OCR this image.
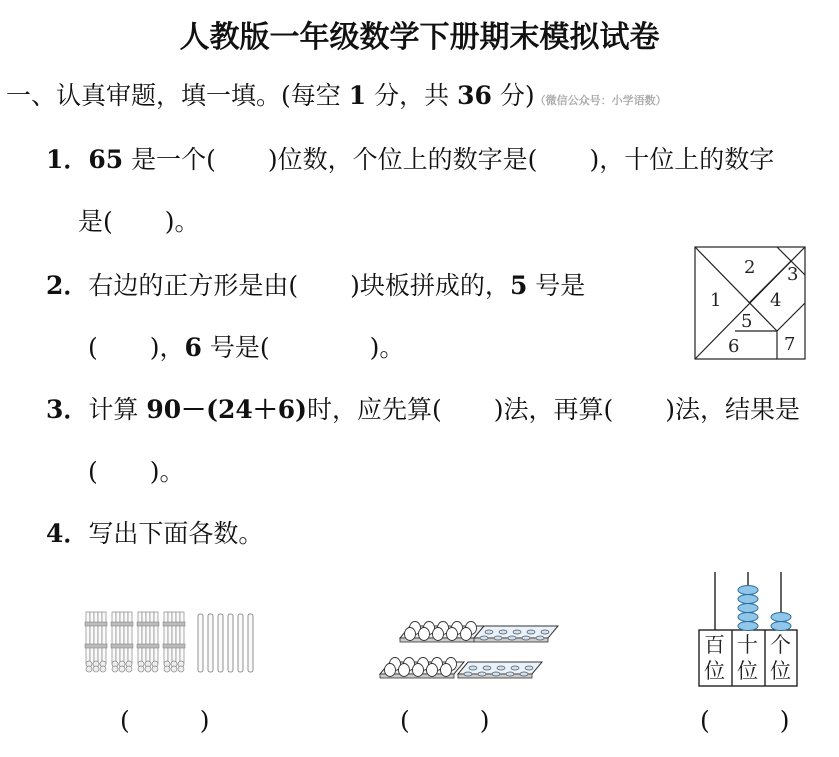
人教版一年级数学下册期末模拟试卷
一、认真审题，填一填。(每空 1 分，共 36 分)（微信公众号：小学语数）
1．65 是一个( )位数，个位上的数字是( )，十位上的数字
是( )。
2．右边的正方形是由( )块板拼成的，5 号是
( )，6 号是(	)。
1
2 3
4
5
6 7
3．计算 90－(24＋6)时，应先算( )法，再算( )法，结果是
( )。
4．写出下面各数。
百
位
十
位
个
位
(	)	(	)	(	)
